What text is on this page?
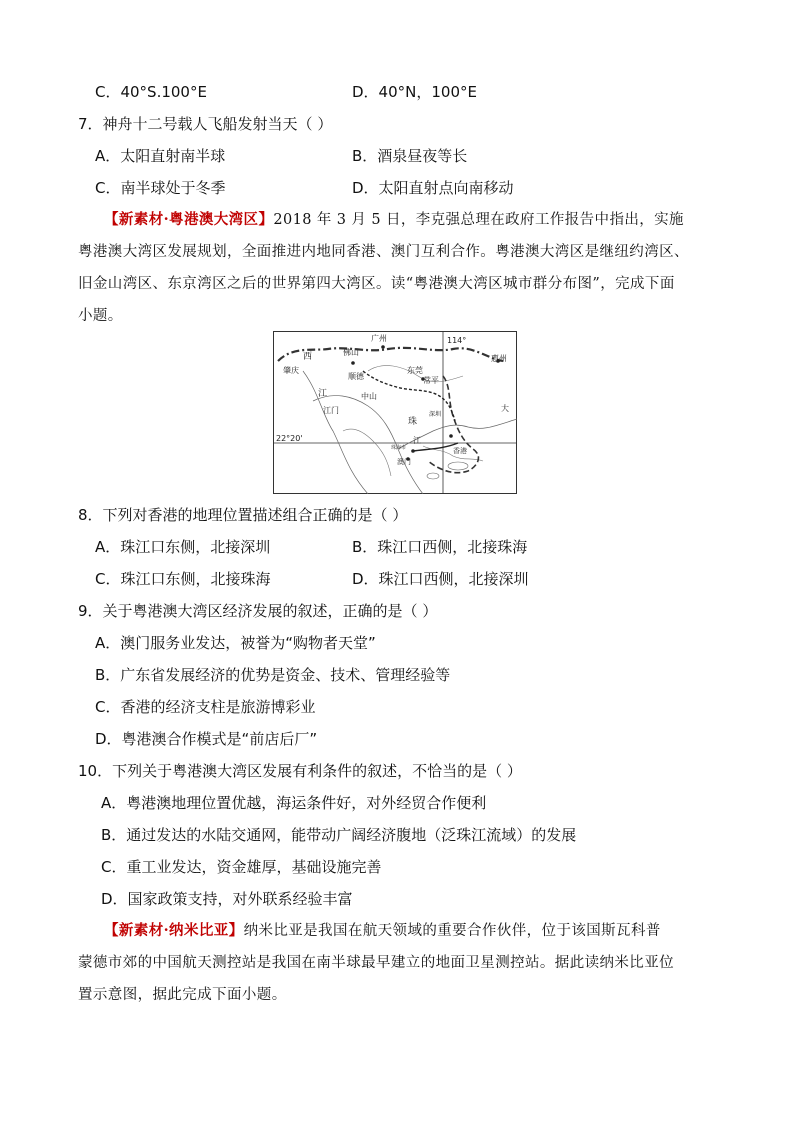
C．40°S.100°E	D．40°N，100°E
7．神舟十二号载人飞船发射当天（ ）
A．太阳直射南半球	B．酒泉昼夜等长
C．南半球处于冬季	D．太阳直射点向南移动
【新素材·粤港澳大湾区】2018 年 3 月 5 日，李克强总理在政府工作报告中指出，实施
粤港澳大湾区发展规划，全面推进内地同香港、澳门互利合作。粤港澳大湾区是继纽约湾区、
旧金山湾区、东京湾区之后的世界第四大湾区。读“粤港澳大湾区城市群分布图”，完成下面
小题。
广州
西	佛山
肇庆
114°
惠州
顺德
东莞
常平
江	中山
江门
珠
深圳
大
22°20'	江
珠海市
澳门
香港
8．下列对香港的地理位置描述组合正确的是（ ）
A．珠江口东侧，北接深圳	B．珠江口西侧，北接珠海
C．珠江口东侧，北接珠海	D．珠江口西侧，北接深圳
9．关于粤港澳大湾区经济发展的叙述，正确的是（ ）
A．澳门服务业发达，被誉为“购物者天堂”
B．广东省发展经济的优势是资金、技术、管理经验等
C．香港的经济支柱是旅游博彩业
D．粤港澳合作模式是“前店后厂”
10．下列关于粤港澳大湾区发展有利条件的叙述，不恰当的是（ ）
A．粤港澳地理位置优越，海运条件好，对外经贸合作便利
B．通过发达的水陆交通网，能带动广阔经济腹地（泛珠江流域）的发展
C．重工业发达，资金雄厚，基础设施完善
D．国家政策支持，对外联系经验丰富
【新素材·纳米比亚】纳米比亚是我国在航天领域的重要合作伙伴，位于该国斯瓦科普
蒙德市郊的中国航天测控站是我国在南半球最早建立的地面卫星测控站。据此读纳米比亚位
置示意图，据此完成下面小题。
